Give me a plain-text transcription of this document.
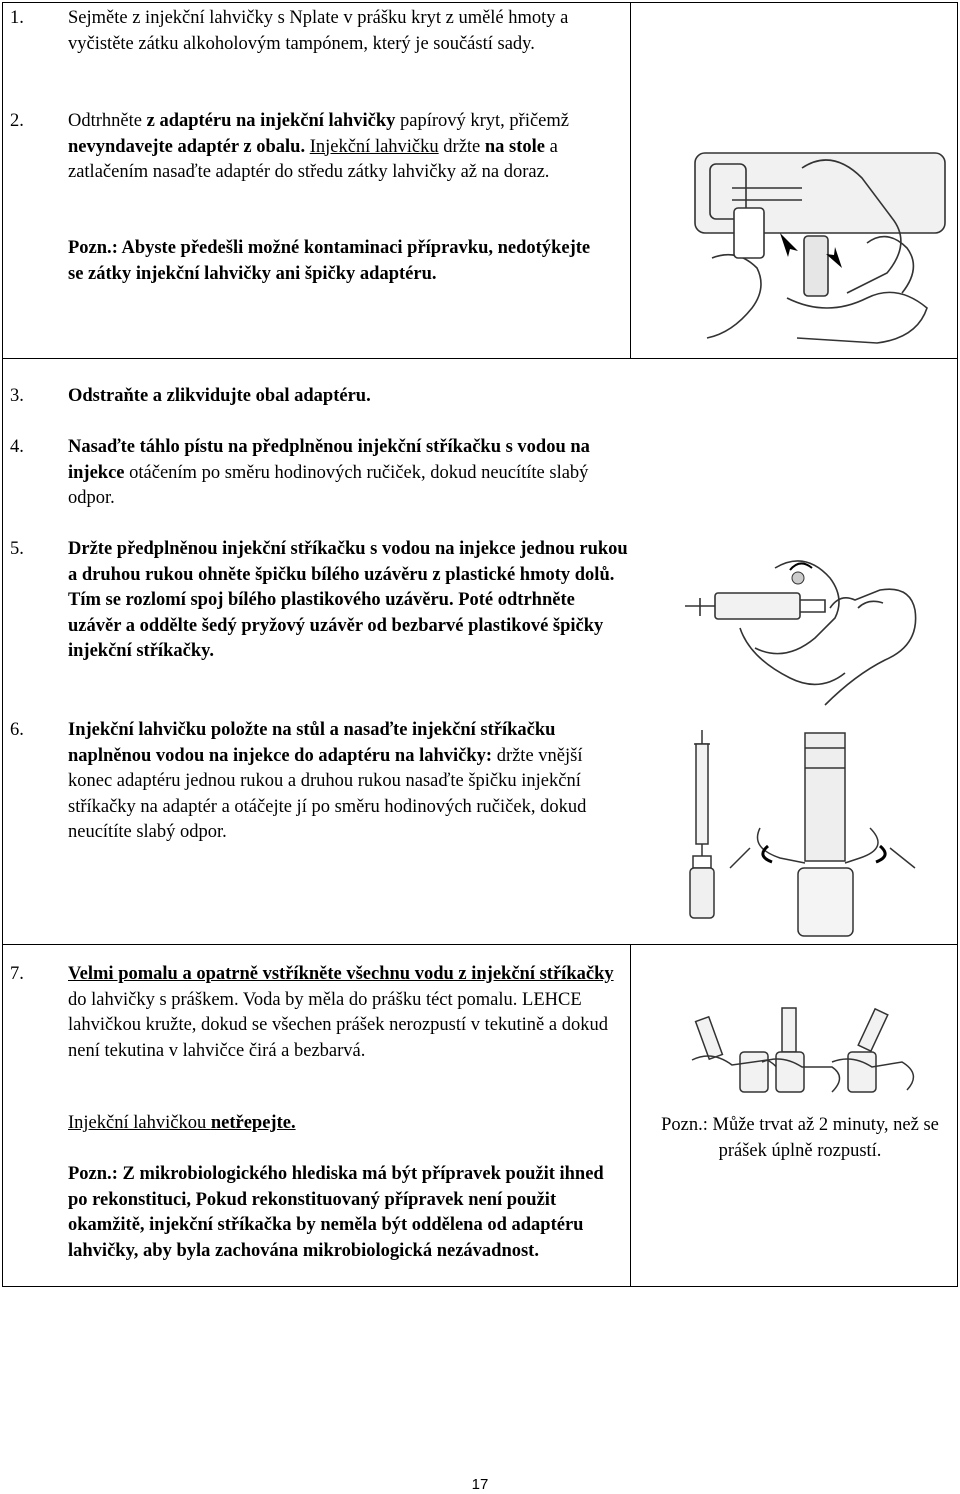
1. Sejměte z injekční lahvičky s Nplate v prášku kryt z umělé hmoty a vyčistěte zátku alkoholovým tampónem, který je součástí sady.
2. Odtrhněte z adaptéru na injekční lahvičky papírový kryt, přičemž nevyndavejte adaptér z obalu. Injekční lahvičku držte na stole a zatlačením nasaďte adaptér do středu zátky lahvičky až na doraz.
Pozn.: Abyste předešli možné kontaminaci přípravku, nedotýkejte se zátky injekční lahvičky ani špičky adaptéru.
3. Odstraňte a zlikvidujte obal adaptéru.
4. Nasaďte táhlo pístu na předplněnou injekční stříkačku s vodou na injekce otáčením po směru hodinových ručiček, dokud neucítíte slabý odpor.
5. Držte předplněnou injekční stříkačku s vodou na injekce jednou rukou a druhou rukou ohněte špičku bílého uzávěru z plastické hmoty dolů. Tím se rozlomí spoj bílého plastikového uzávěru. Poté odtrhněte uzávěr a oddělte šedý pryžový uzávěr od bezbarvé plastikové špičky injekční stříkačky.
6. Injekční lahvičku položte na stůl a nasaďte injekční stříkačku naplněnou vodou na injekce do adaptéru na lahvičky: držte vnější konec adaptéru jednou rukou a druhou rukou nasaďte špičku injekční stříkačky na adaptér a otáčejte jí po směru hodinových ručiček, dokud neucítíte slabý odpor.
7. Velmi pomalu a opatrně vstříkněte všechnu vodu z injekční stříkačky do lahvičky s práškem. Voda by měla do prášku téct pomalu. LEHCE lahvičkou kružte, dokud se všechen prášek nerozpustí v tekutině a dokud není tekutina v lahvičce čirá a bezbarvá.
Injekční lahvičkou netřepejte.
Pozn.: Z mikrobiologického hlediska má být přípravek použit ihned po rekonstituci, Pokud rekonstituovaný přípravek není použit okamžitě, injekční stříkačka by neměla být oddělena od adaptéru lahvičky, aby byla zachována mikrobiologická nezávadnost.
Pozn.: Může trvat až 2 minuty, než se prášek úplně rozpustí.
17
